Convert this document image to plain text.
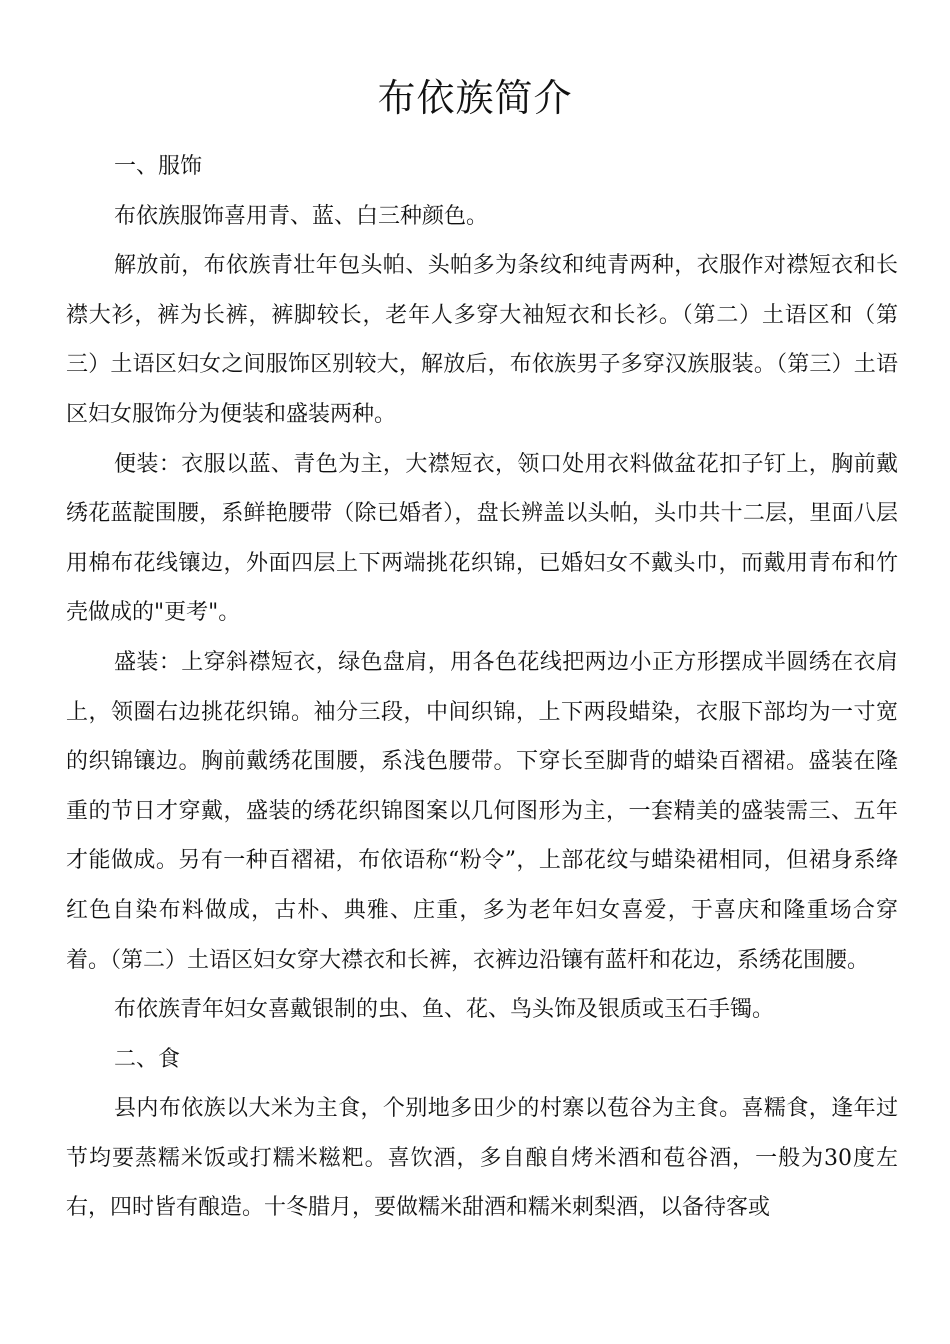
布依族简介

一、服饰

布依族服饰喜用青、蓝、白三种颜色。

解放前，布依族青壮年包头帕、头帕多为条纹和纯青两种，衣服作对襟短衣和长襟大衫，裤为长裤，裤脚较长，老年人多穿大袖短衣和长衫。（第二）土语区和（第三）土语区妇女之间服饰区别较大，解放后，布依族男子多穿汉族服装。（第三）土语区妇女服饰分为便装和盛装两种。

便装：衣服以蓝、青色为主，大襟短衣，领口处用衣料做盆花扣子钉上，胸前戴绣花蓝靛围腰，系鲜艳腰带（除已婚者），盘长辨盖以头帕，头巾共十二层，里面八层用棉布花线镶边，外面四层上下两端挑花织锦，已婚妇女不戴头巾，而戴用青布和竹壳做成的"更考"。

盛装：上穿斜襟短衣，绿色盘肩，用各色花线把两边小正方形摆成半圆绣在衣肩上，领圈右边挑花织锦。袖分三段，中间织锦，上下两段蜡染，衣服下部均为一寸宽的织锦镶边。胸前戴绣花围腰，系浅色腰带。下穿长至脚背的蜡染百褶裙。盛装在隆重的节日才穿戴，盛装的绣花织锦图案以几何图形为主，一套精美的盛装需三、五年才能做成。另有一种百褶裙，布依语称“粉令”，上部花纹与蜡染裙相同，但裙身系绛红色自染布料做成，古朴、典雅、庄重，多为老年妇女喜爱，于喜庆和隆重场合穿着。（第二）土语区妇女穿大襟衣和长裤，衣裤边沿镶有蓝杆和花边，系绣花围腰。

布依族青年妇女喜戴银制的虫、鱼、花、鸟头饰及银质或玉石手镯。

二、食

县内布依族以大米为主食，个别地多田少的村寨以苞谷为主食。喜糯食，逢年过节均要蒸糯米饭或打糯米糍粑。喜饮酒，多自酿自烤米酒和苞谷酒，一般为30度左右，四时皆有酿造。十冬腊月，要做糯米甜酒和糯米刺梨酒，以备待客或
